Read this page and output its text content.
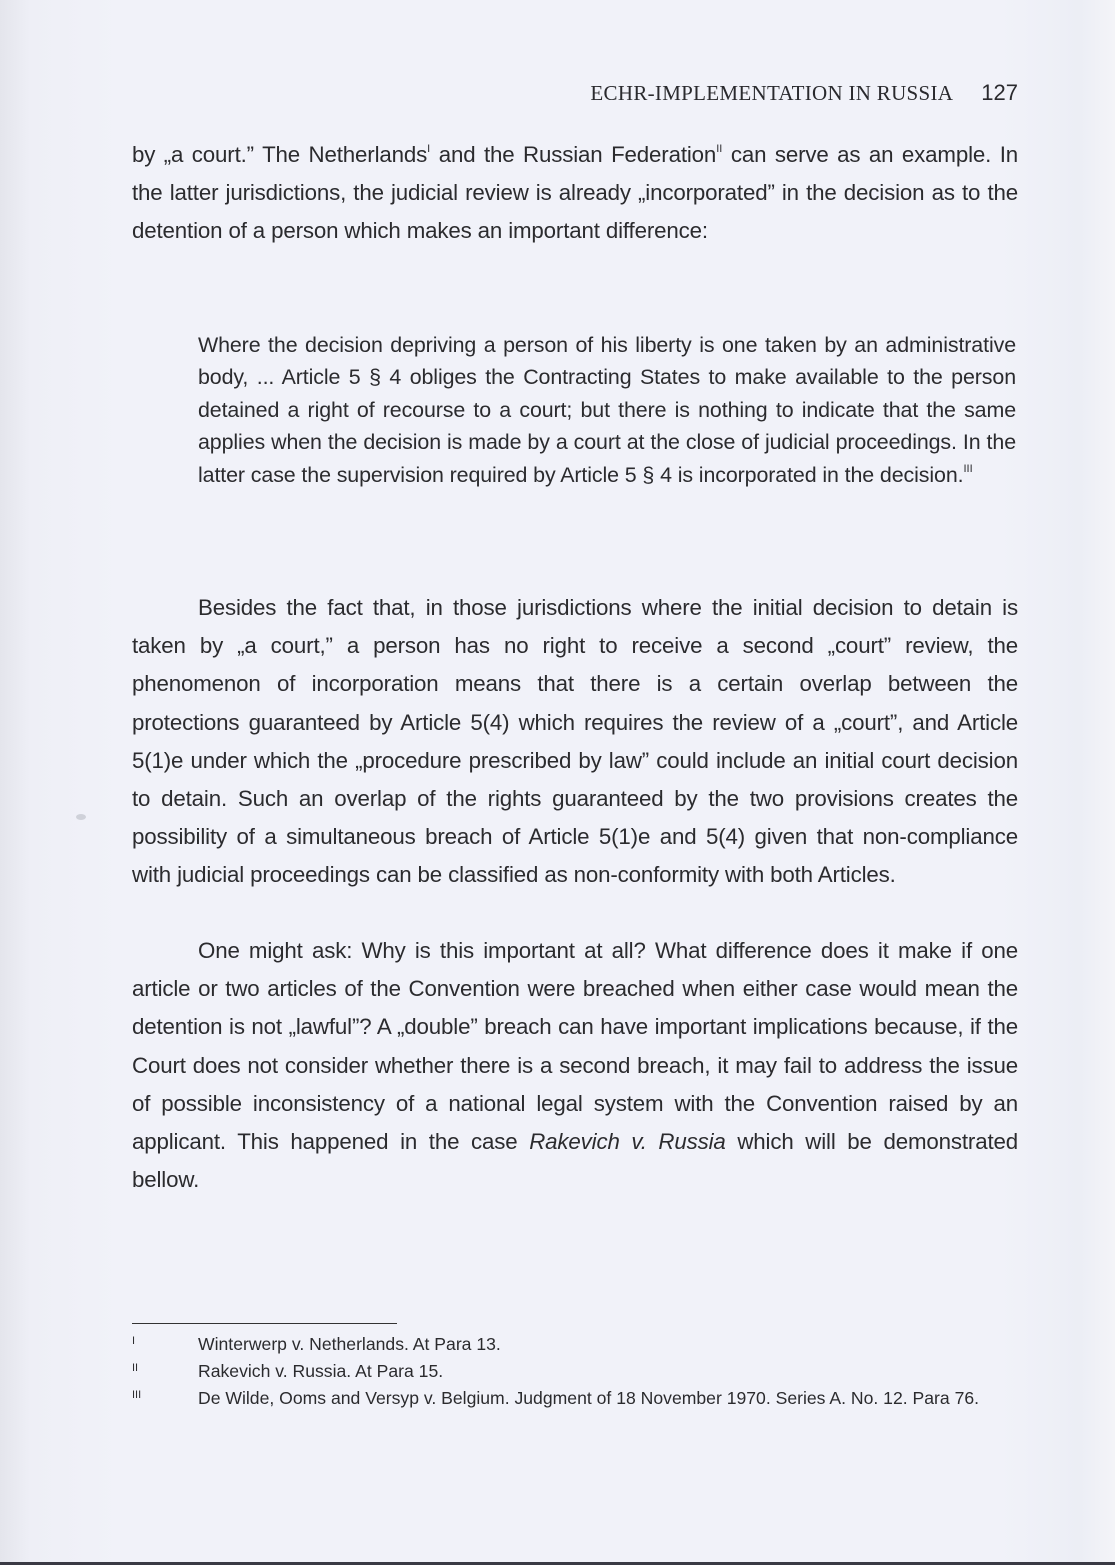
ECHR-IMPLEMENTATION IN RUSSIA 127

by „a court.” The Netherlands$^I$ and the Russian Federation$^{II}$ can serve as an example. In the latter jurisdictions, the judicial review is already „incorporated” in the decision as to the detention of a person which makes an important difference:

Where the decision depriving a person of his liberty is one taken by an administrative body, ... Article 5 § 4 obliges the Contracting States to make available to the person detained a right of recourse to a court; but there is nothing to indicate that the same applies when the decision is made by a court at the close of judicial proceedings. In the latter case the supervision required by Article 5 § 4 is incorporated in the decision.$^{III}$

Besides the fact that, in those jurisdictions where the initial decision to detain is taken by „a court,” a person has no right to receive a second „court” review, the phenomenon of incorporation means that there is a certain overlap between the protections guaranteed by Article 5(4) which requires the review of a „court”, and Article 5(1)e under which the „procedure prescribed by law” could include an initial court decision to detain. Such an overlap of the rights guaranteed by the two provisions creates the possibility of a simultaneous breach of Article 5(1)e and 5(4) given that non-compliance with judicial proceedings can be classified as non-conformity with both Articles.

One might ask: Why is this important at all? What difference does it make if one article or two articles of the Convention were breached when either case would mean the detention is not „lawful”? A „double” breach can have important implications because, if the Court does not consider whether there is a second breach, it may fail to address the issue of possible inconsistency of a national legal system with the Convention raised by an applicant. This happened in the case Rakevich v. Russia which will be demonstrated bellow.

I	Winterwerp v. Netherlands. At Para 13.
II	Rakevich v. Russia. At Para 15.
III	De Wilde, Ooms and Versyp v. Belgium. Judgment of 18 November 1970. Series A. No. 12. Para 76.
